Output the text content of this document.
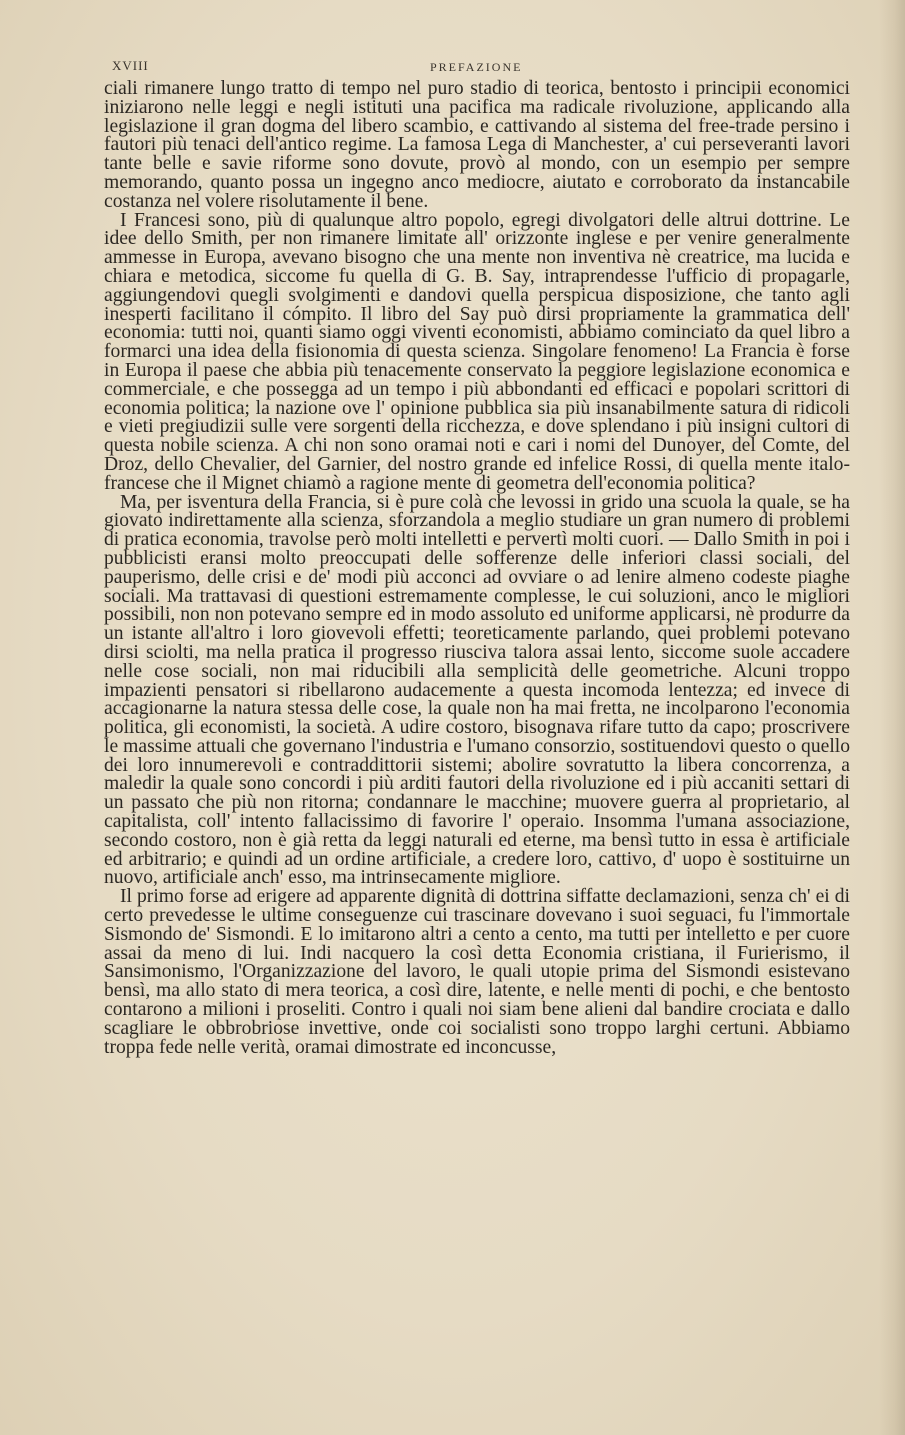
XVIII	PREFAZIONE

ciali rimanere lungo tratto di tempo nel puro stadio di teorica, bentosto i principii economici iniziarono nelle leggi e negli istituti una pacifica ma radicale rivoluzione, applicando alla legislazione il gran dogma del libero scambio, e cattivando al sistema del free-trade persino i fautori più tenaci dell'antico regime. La famosa Lega di Manchester, a' cui perseveranti lavori tante belle e savie riforme sono dovute, provò al mondo, con un esempio per sempre memorando, quanto possa un ingegno anco mediocre, aiutato e corroborato da instancabile costanza nel volere risolutamente il bene.

I Francesi sono, più di qualunque altro popolo, egregi divolgatori delle altrui dottrine. Le idee dello Smith, per non rimanere limitate all' orizzonte inglese e per venire generalmente ammesse in Europa, avevano bisogno che una mente non inventiva nè creatrice, ma lucida e chiara e metodica, siccome fu quella di G. B. Say, intraprendesse l'ufficio di propagarle, aggiungendovi quegli svolgimenti e dandovi quella perspicua disposizione, che tanto agli inesperti facilitano il cómpito. Il libro del Say può dirsi propriamente la grammatica dell' economia: tutti noi, quanti siamo oggi viventi economisti, abbiamo cominciato da quel libro a formarci una idea della fisionomia di questa scienza. Singolare fenomeno! La Francia è forse in Europa il paese che abbia più tenacemente conservato la peggiore legislazione economica e commerciale, e che possegga ad un tempo i più abbondanti ed efficaci e popolari scrittori di economia politica; la nazione ove l' opinione pubblica sia più insanabilmente satura di ridicoli e vieti pregiudizii sulle vere sorgenti della ricchezza, e dove splendano i più insigni cultori di questa nobile scienza. A chi non sono oramai noti e cari i nomi del Dunoyer, del Comte, del Droz, dello Chevalier, del Garnier, del nostro grande ed infelice Rossi, di quella mente italo-francese che il Mignet chiamò a ragione mente di geometra dell'economia politica?

Ma, per isventura della Francia, si è pure colà che levossi in grido una scuola la quale, se ha giovato indirettamente alla scienza, sforzandola a meglio studiare un gran numero di problemi di pratica economia, travolse però molti intelletti e pervertì molti cuori. — Dallo Smith in poi i pubblicisti eransi molto preoccupati delle sofferenze delle inferiori classi sociali, del pauperismo, delle crisi e de' modi più acconci ad ovviare o ad lenire almeno codeste piaghe sociali. Ma trattavasi di questioni estremamente complesse, le cui soluzioni, anco le migliori possibili, non non potevano sempre ed in modo assoluto ed uniforme applicarsi, nè produrre da un istante all'altro i loro giovevoli effetti; teoreticamente parlando, quei problemi potevano dirsi sciolti, ma nella pratica il progresso riusciva talora assai lento, siccome suole accadere nelle cose sociali, non mai riducibili alla semplicità delle geometriche. Alcuni troppo impazienti pensatori si ribellarono audacemente a questa incomoda lentezza; ed invece di accagionarne la natura stessa delle cose, la quale non ha mai fretta, ne incolparono l'economia politica, gli economisti, la società. A udire costoro, bisognava rifare tutto da capo; proscrivere le massime attuali che governano l'industria e l'umano consorzio, sostituendovi questo o quello dei loro innumerevoli e contraddittorii sistemi; abolire sovratutto la libera concorrenza, a maledir la quale sono concordi i più arditi fautori della rivoluzione ed i più accaniti settari di un passato che più non ritorna; condannare le macchine; muovere guerra al proprietario, al capitalista, coll' intento fallacissimo di favorire l' operaio. Insomma l'umana associazione, secondo costoro, non è già retta da leggi naturali ed eterne, ma bensì tutto in essa è artificiale ed arbitrario; e quindi ad un ordine artificiale, a credere loro, cattivo, d' uopo è sostituirne un nuovo, artificiale anch' esso, ma intrinsecamente migliore.

Il primo forse ad erigere ad apparente dignità di dottrina siffatte declamazioni, senza ch' ei di certo prevedesse le ultime conseguenze cui trascinare dovevano i suoi seguaci, fu l'immortale Sismondo de' Sismondi. E lo imitarono altri a cento a cento, ma tutti per intelletto e per cuore assai da meno di lui. Indi nacquero la così detta Economia cristiana, il Furierismo, il Sansimonismo, l'Organizzazione del lavoro, le quali utopie prima del Sismondi esistevano bensì, ma allo stato di mera teorica, a così dire, latente, e nelle menti di pochi, e che bentosto contarono a milioni i proseliti. Contro i quali noi siam bene alieni dal bandire crociata e dallo scagliare le obbrobriose invettive, onde coi socialisti sono troppo larghi certuni. Abbiamo troppa fede nelle verità, oramai dimostrate ed inconcusse,
